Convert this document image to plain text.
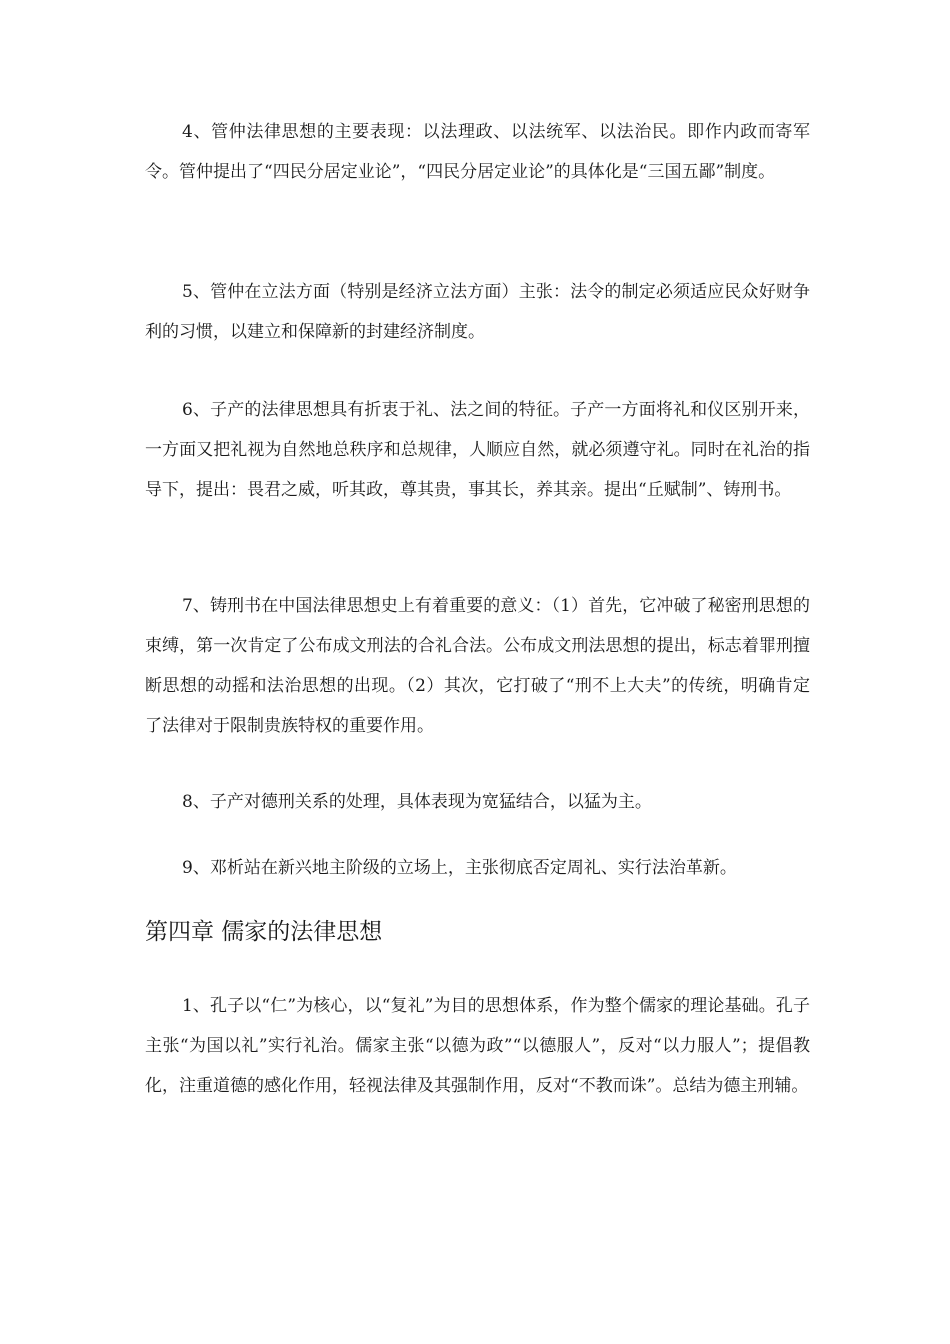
4、管仲法律思想的主要表现：以法理政、以法统军、以法治民。即作内政而寄军令。管仲提出了“四民分居定业论”，“四民分居定业论”的具体化是“三国五鄙”制度。

5、管仲在立法方面（特别是经济立法方面）主张：法令的制定必须适应民众好财争利的习惯，以建立和保障新的封建经济制度。

6、子产的法律思想具有折衷于礼、法之间的特征。子产一方面将礼和仪区别开来，一方面又把礼视为自然地总秩序和总规律，人顺应自然，就必须遵守礼。同时在礼治的指导下，提出：畏君之威，听其政，尊其贵，事其长，养其亲。提出“丘赋制”、铸刑书。

7、铸刑书在中国法律思想史上有着重要的意义：（1）首先，它冲破了秘密刑思想的束缚，第一次肯定了公布成文刑法的合礼合法。公布成文刑法思想的提出，标志着罪刑擅断思想的动摇和法治思想的出现。（2）其次，它打破了“刑不上大夫”的传统，明确肯定了法律对于限制贵族特权的重要作用。

8、子产对德刑关系的处理，具体表现为宽猛结合，以猛为主。

9、邓析站在新兴地主阶级的立场上，主张彻底否定周礼、实行法治革新。

第四章 儒家的法律思想

1、孔子以“仁”为核心，以“复礼”为目的思想体系，作为整个儒家的理论基础。孔子主张“为国以礼”实行礼治。儒家主张“以德为政”“以德服人”，反对“以力服人”；提倡教化，注重道德的感化作用，轻视法律及其强制作用，反对“不教而诛”。总结为德主刑辅。
